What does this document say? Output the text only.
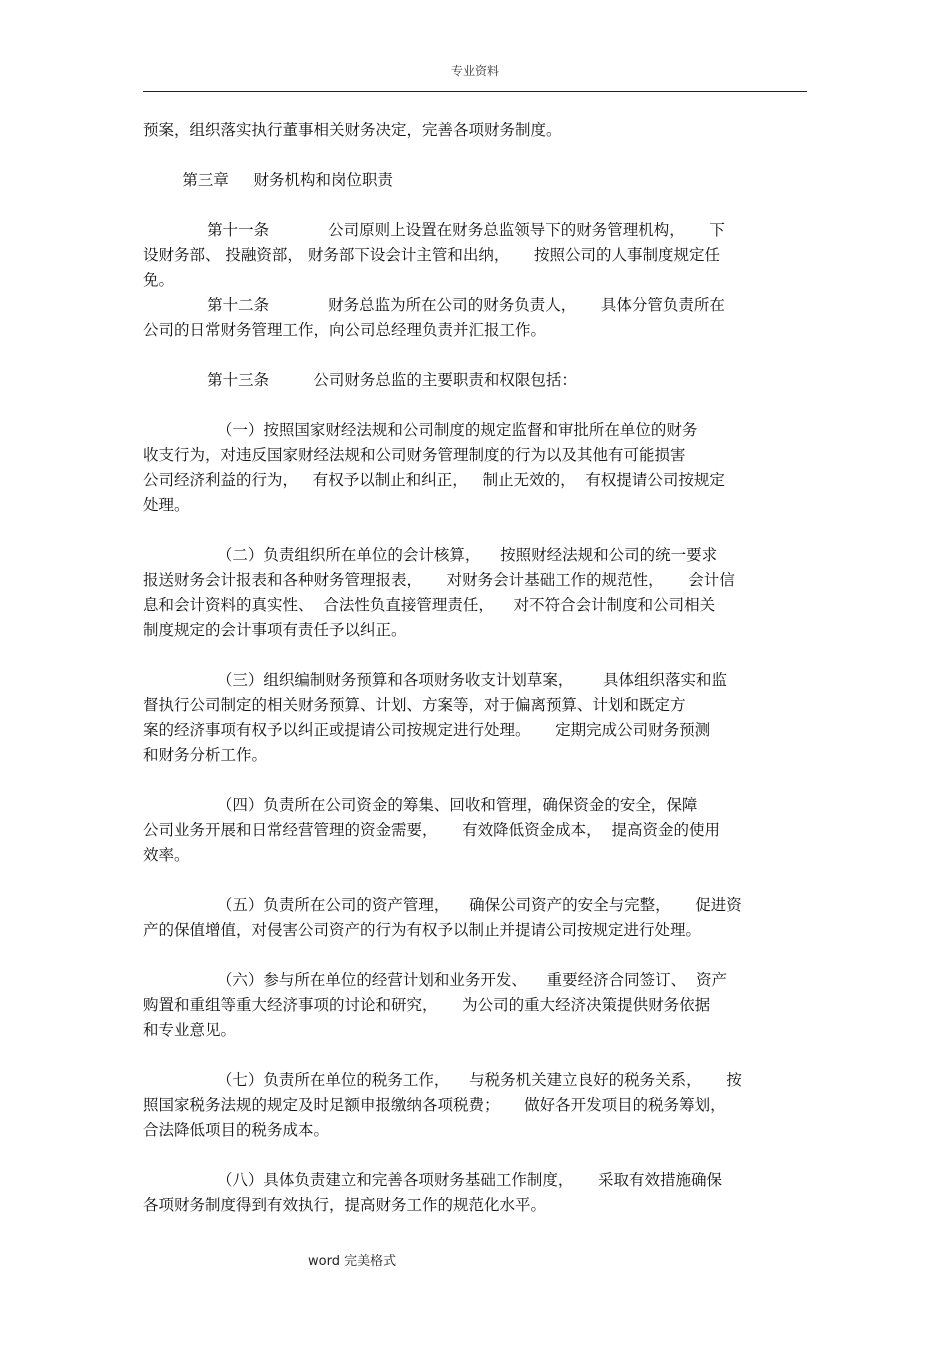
专业资料

预案，组织落实执行董事相关财务决定，完善各项财务制度。

第三章     财务机构和岗位职责

第十一条            公司原则上设置在财务总监领导下的财务管理机构，     下
设财务部、 投融资部， 财务部下设会计主管和出纳，     按照公司的人事制度规定任
免。

第十二条            财务总监为所在公司的财务负责人，     具体分管负责所在
公司的日常财务管理工作，向公司总经理负责并汇报工作。

第十三条         公司财务总监的主要职责和权限包括：

（一）按照国家财经法规和公司制度的规定监督和审批所在单位的财务
收支行为，对违反国家财经法规和公司财务管理制度的行为以及其他有可能损害
公司经济利益的行为，   有权予以制止和纠正，   制止无效的，  有权提请公司按规定
处理。

（二）负责组织所在单位的会计核算，    按照财经法规和公司的统一要求
报送财务会计报表和各种财务管理报表，     对财务会计基础工作的规范性，     会计信
息和会计资料的真实性、  合法性负直接管理责任，    对不符合会计制度和公司相关
制度规定的会计事项有责任予以纠正。

（三）组织编制财务预算和各项财务收支计划草案，      具体组织落实和监
督执行公司制定的相关财务预算、计划、方案等，对于偏离预算、计划和既定方
案的经济事项有权予以纠正或提请公司按规定进行处理。     定期完成公司财务预测
和财务分析工作。

（四）负责所在公司资金的筹集、回收和管理，确保资金的安全，保障
公司业务开展和日常经营管理的资金需要，     有效降低资金成本，  提高资金的使用
效率。

（五）负责所在公司的资产管理，    确保公司资产的安全与完整，     促进资
产的保值增值，对侵害公司资产的行为有权予以制止并提请公司按规定进行处理。

（六）参与所在单位的经营计划和业务开发、    重要经济合同签订、  资产
购置和重组等重大经济事项的讨论和研究，     为公司的重大经济决策提供财务依据
和专业意见。

（七）负责所在单位的税务工作，    与税务机关建立良好的税务关系，     按
照国家税务法规的规定及时足额申报缴纳各项税费；     做好各开发项目的税务筹划，
合法降低项目的税务成本。

（八）具体负责建立和完善各项财务基础工作制度，     采取有效措施确保
各项财务制度得到有效执行，提高财务工作的规范化水平。

word 完美格式
